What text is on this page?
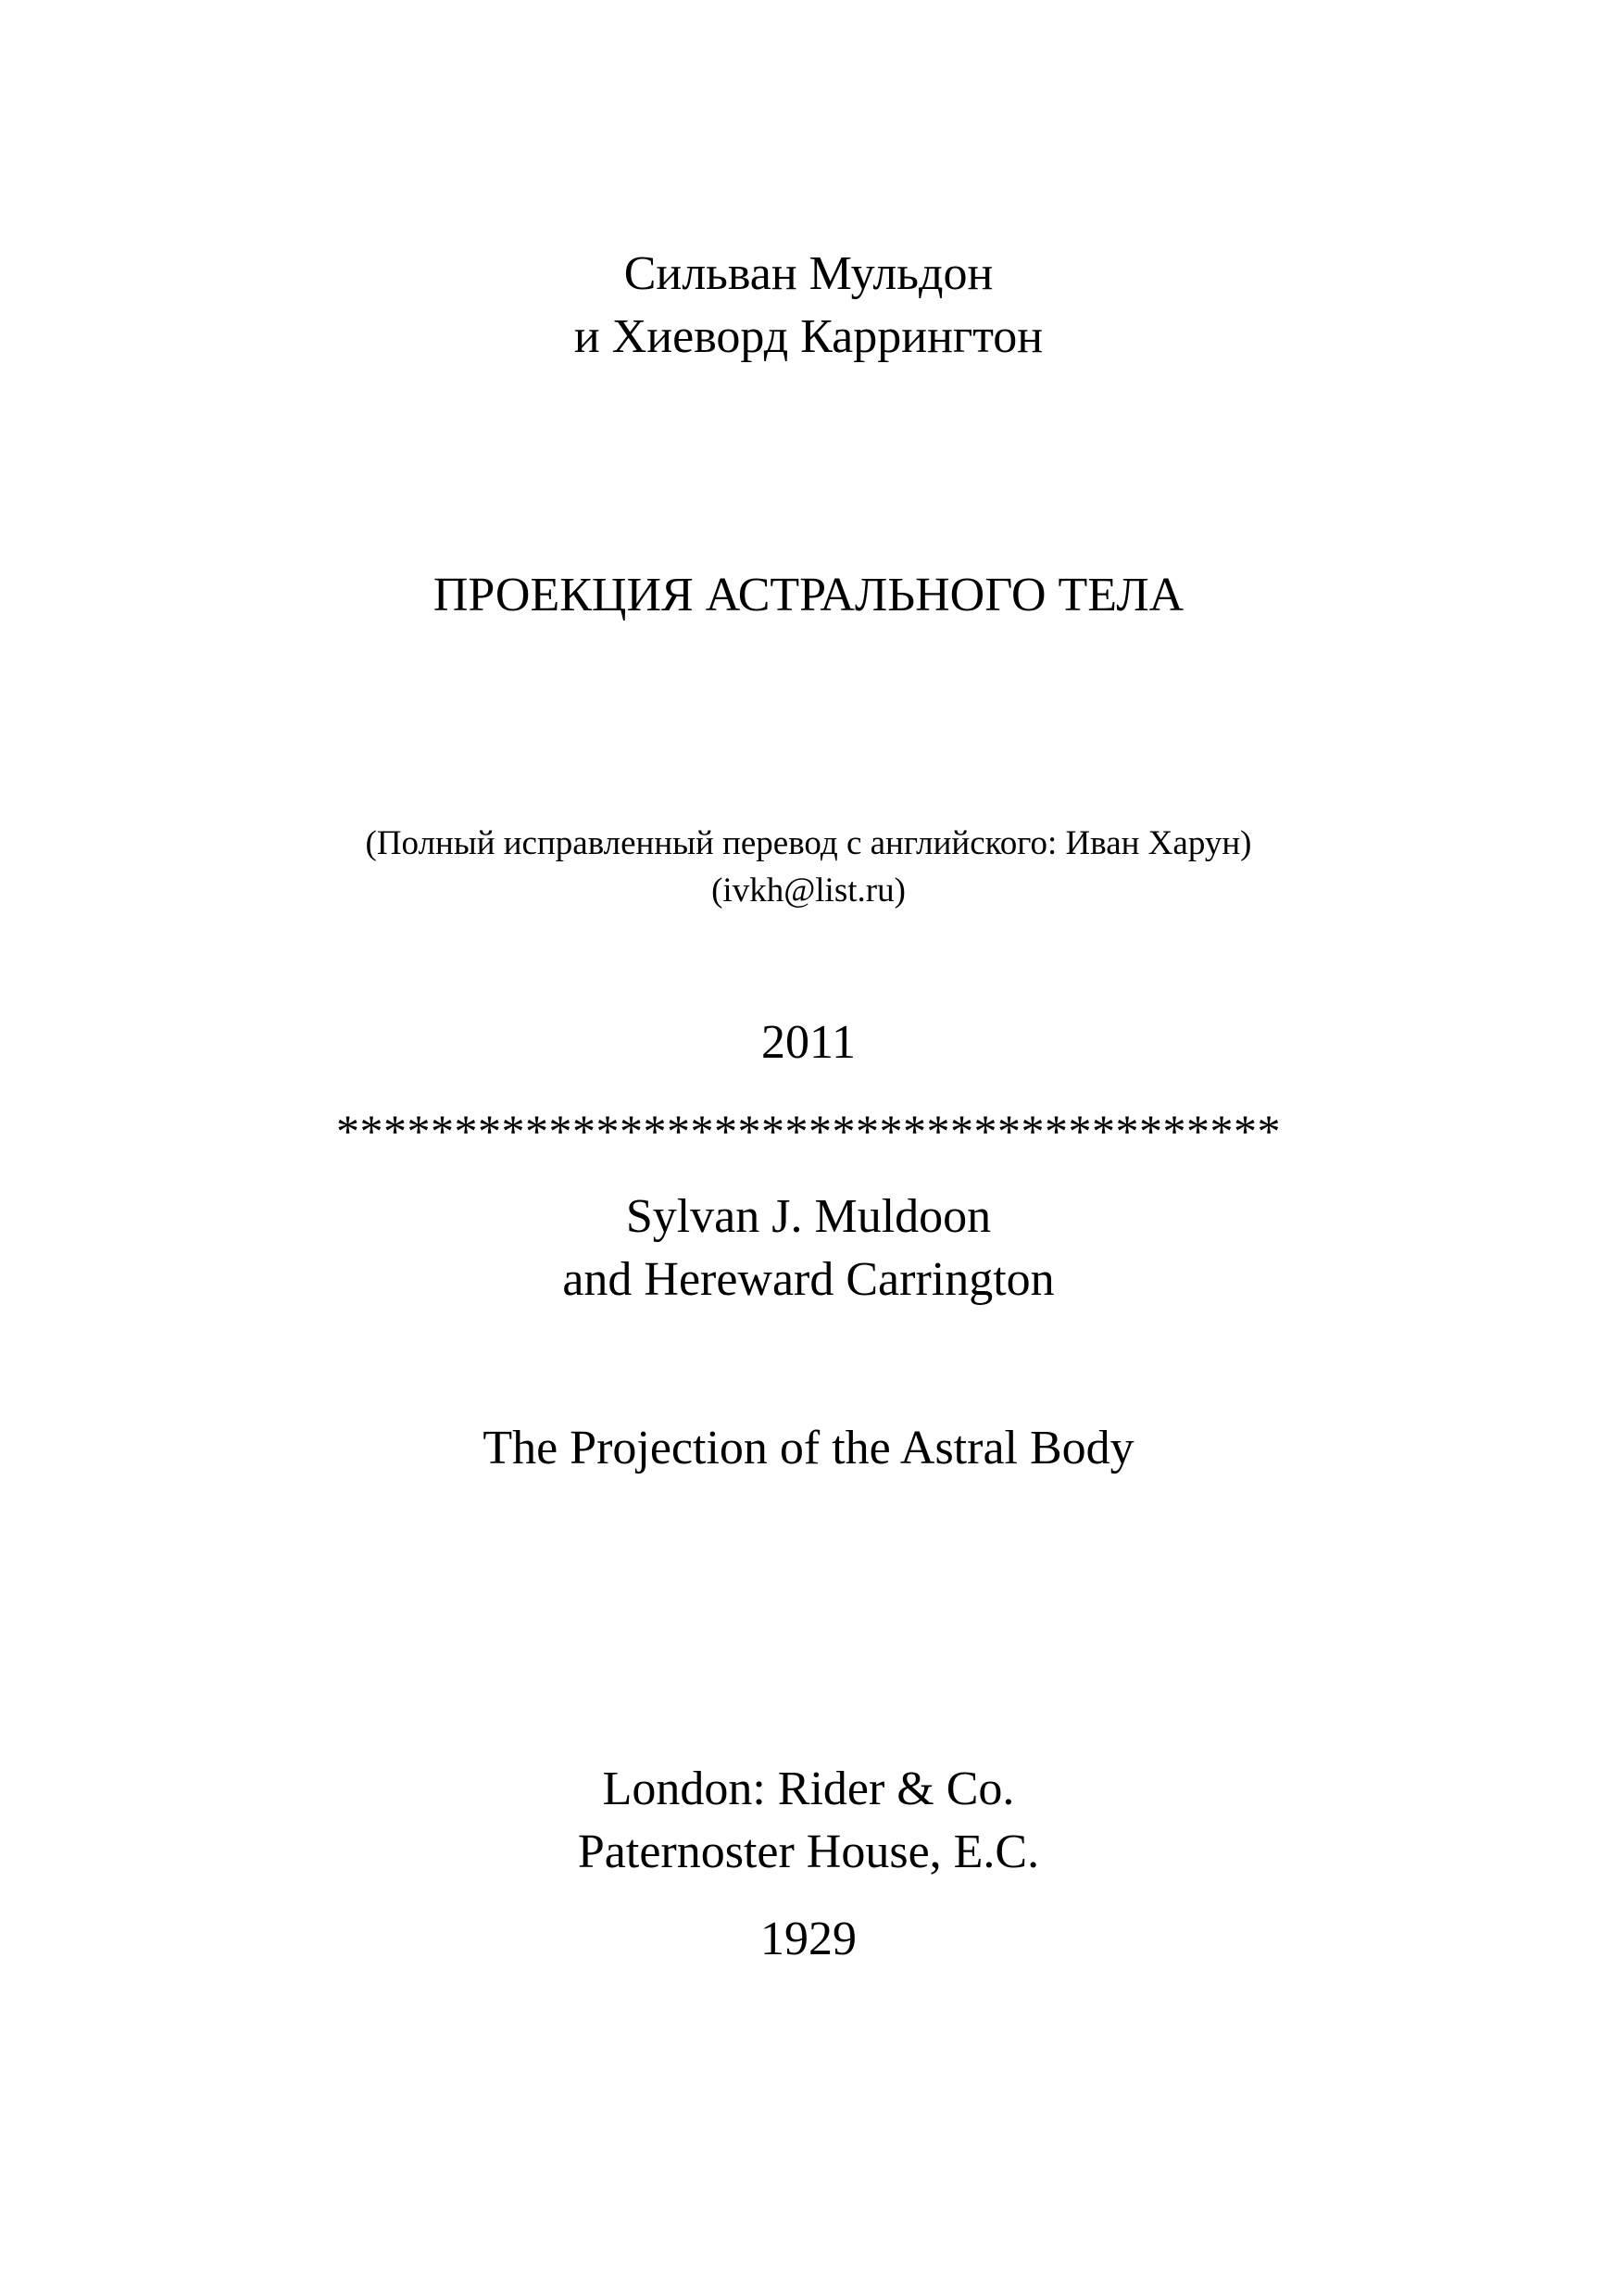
Сильван Мульдон
и Хиеворд Каррингтон
ПРОЕКЦИЯ АСТРАЛЬНОГО ТЕЛА
(Полный исправленный перевод с английского: Иван Харун)
(ivkh@list.ru)
2011
****************************************
Sylvan J. Muldoon
and Hereward Carrington
The Projection of the Astral Body
London: Rider & Co.
Paternoster House, E.C.
1929
